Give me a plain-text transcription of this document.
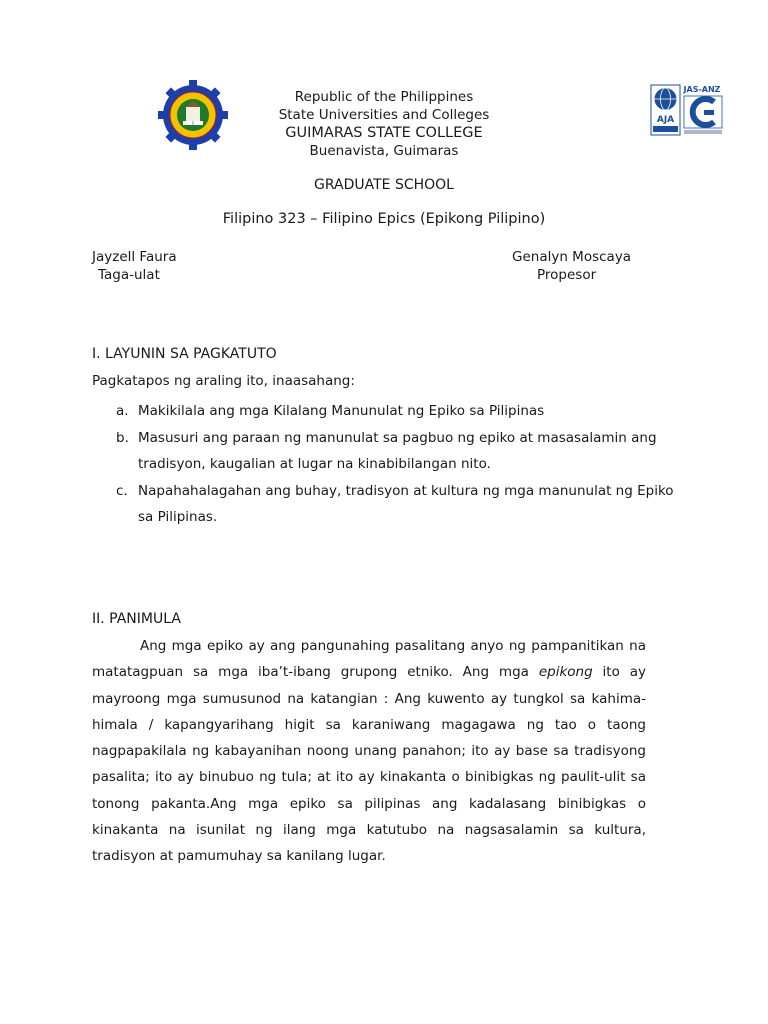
AJA
JAS-ANZ
Republic of the Philippines
State Universities and Colleges
GUIMARAS STATE COLLEGE
Buenavista, Guimaras
GRADUATE SCHOOL
Filipino 323 – Filipino Epics (Epikong Pilipino)
Jayzell Faura
Taga-ulat
Genalyn Moscaya
Propesor
I. LAYUNIN SA PAGKATUTO
Pagkatapos ng araling ito, inaasahang:
a. Makikilala ang mga Kilalang Manunulat ng Epiko sa Pilipinas
b. Masusuri ang paraan ng manunulat sa pagbuo ng epiko at masasalamin ang tradisyon, kaugalian at lugar na kinabibilangan nito.
c. Napahahalagahan ang buhay, tradisyon at kultura ng mga manunulat ng Epiko sa Pilipinas.
II. PANIMULA

Ang mga epiko ay ang pangunahing pasalitang anyo ng pampanitikan na matatagpuan sa mga iba’t-ibang grupong etniko. Ang mga epikong ito ay mayroong mga sumusunod na katangian : Ang kuwento ay tungkol sa kahima-himala / kapangyarihang higit sa karaniwang magagawa ng tao o taong nagpapakilala ng kabayanihan noong unang panahon; ito ay base sa tradisyong pasalita; ito ay binubuo ng tula; at ito ay kinakanta o binibigkas ng paulit-ulit sa tonong pakanta.Ang mga epiko sa pilipinas ang kadalasang binibigkas o kinakanta na isunilat ng ilang mga katutubo na nagsasalamin sa kultura, tradisyon at pamumuhay sa kanilang lugar.
